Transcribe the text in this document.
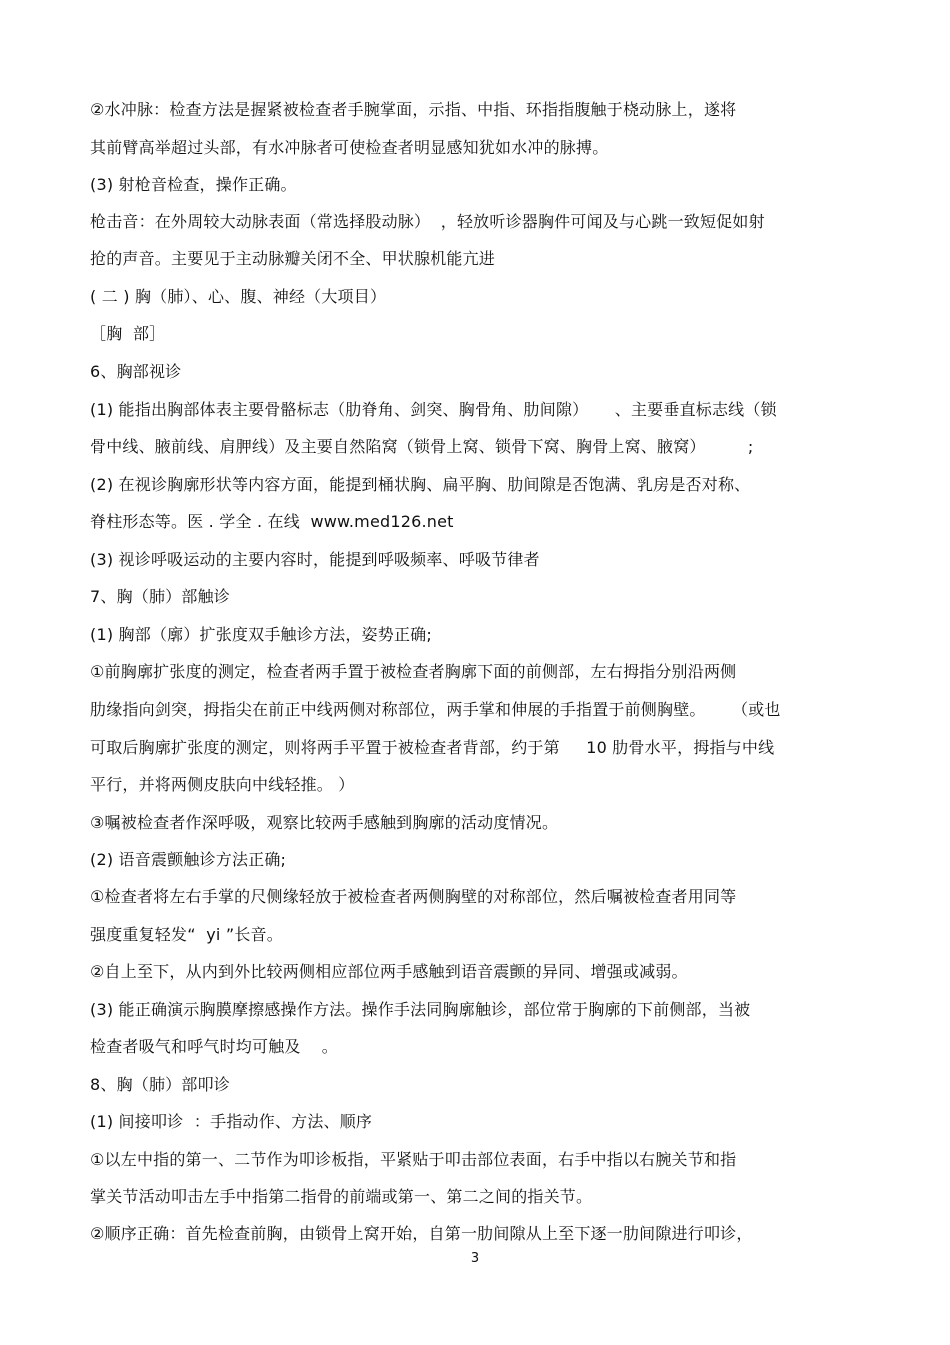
②水冲脉：检查方法是握紧被检查者手腕掌面，示指、中指、环指指腹触于桡动脉上，遂将
其前臂高举超过头部，有水冲脉者可使检查者明显感知犹如水冲的脉搏。
(3) 射枪音检查，操作正确。
枪击音：在外周较大动脉表面（常选择股动脉）  ，轻放听诊器胸件可闻及与心跳一致短促如射
抢的声音。主要见于主动脉瓣关闭不全、甲状腺机能亢进
( 二 ) 胸（肺）、心、腹、神经（大项目）
［胸  部］
6、胸部视诊
(1) 能指出胸部体表主要骨骼标志（肋脊角、剑突、胸骨角、肋间隙）     、主要垂直标志线（锁
骨中线、腋前线、肩胛线）及主要自然陷窝（锁骨上窝、锁骨下窝、胸骨上窝、腋窝）        ;
(2) 在视诊胸廓形状等内容方面，能提到桶状胸、扁平胸、肋间隙是否饱满、乳房是否对称、
脊柱形态等。医 . 学全 . 在线  www.med126.net
(3) 视诊呼吸运动的主要内容时，能提到呼吸频率、呼吸节律者
7、胸（肺）部触诊
(1) 胸部（廓）扩张度双手触诊方法，姿势正确;
①前胸廓扩张度的测定，检查者两手置于被检查者胸廓下面的前侧部，左右拇指分别沿两侧
肋缘指向剑突，拇指尖在前正中线两侧对称部位，两手掌和伸展的手指置于前侧胸壁。     （或也
可取后胸廓扩张度的测定，则将两手平置于被检查者背部，约于第     10 肋骨水平，拇指与中线
平行，并将两侧皮肤向中线轻推。 ）
③嘱被检查者作深呼吸，观察比较两手感触到胸廓的活动度情况。
(2) 语音震颤触诊方法正确;
①检查者将左右手掌的尺侧缘轻放于被检查者两侧胸壁的对称部位，然后嘱被检查者用同等
强度重复轻发“  yi ”长音。
②自上至下，从内到外比较两侧相应部位两手感触到语音震颤的异同、增强或减弱。
(3) 能正确演示胸膜摩擦感操作方法。操作手法同胸廓触诊，部位常于胸廓的下前侧部，当被
检查者吸气和呼气时均可触及    。
8、胸（肺）部叩诊
(1) 间接叩诊  ：手指动作、方法、顺序
①以左中指的第一、二节作为叩诊板指，平紧贴于叩击部位表面，右手中指以右腕关节和指
掌关节活动叩击左手中指第二指骨的前端或第一、第二之间的指关节。
②顺序正确：首先检查前胸，由锁骨上窝开始，自第一肋间隙从上至下逐一肋间隙进行叩诊，
3
